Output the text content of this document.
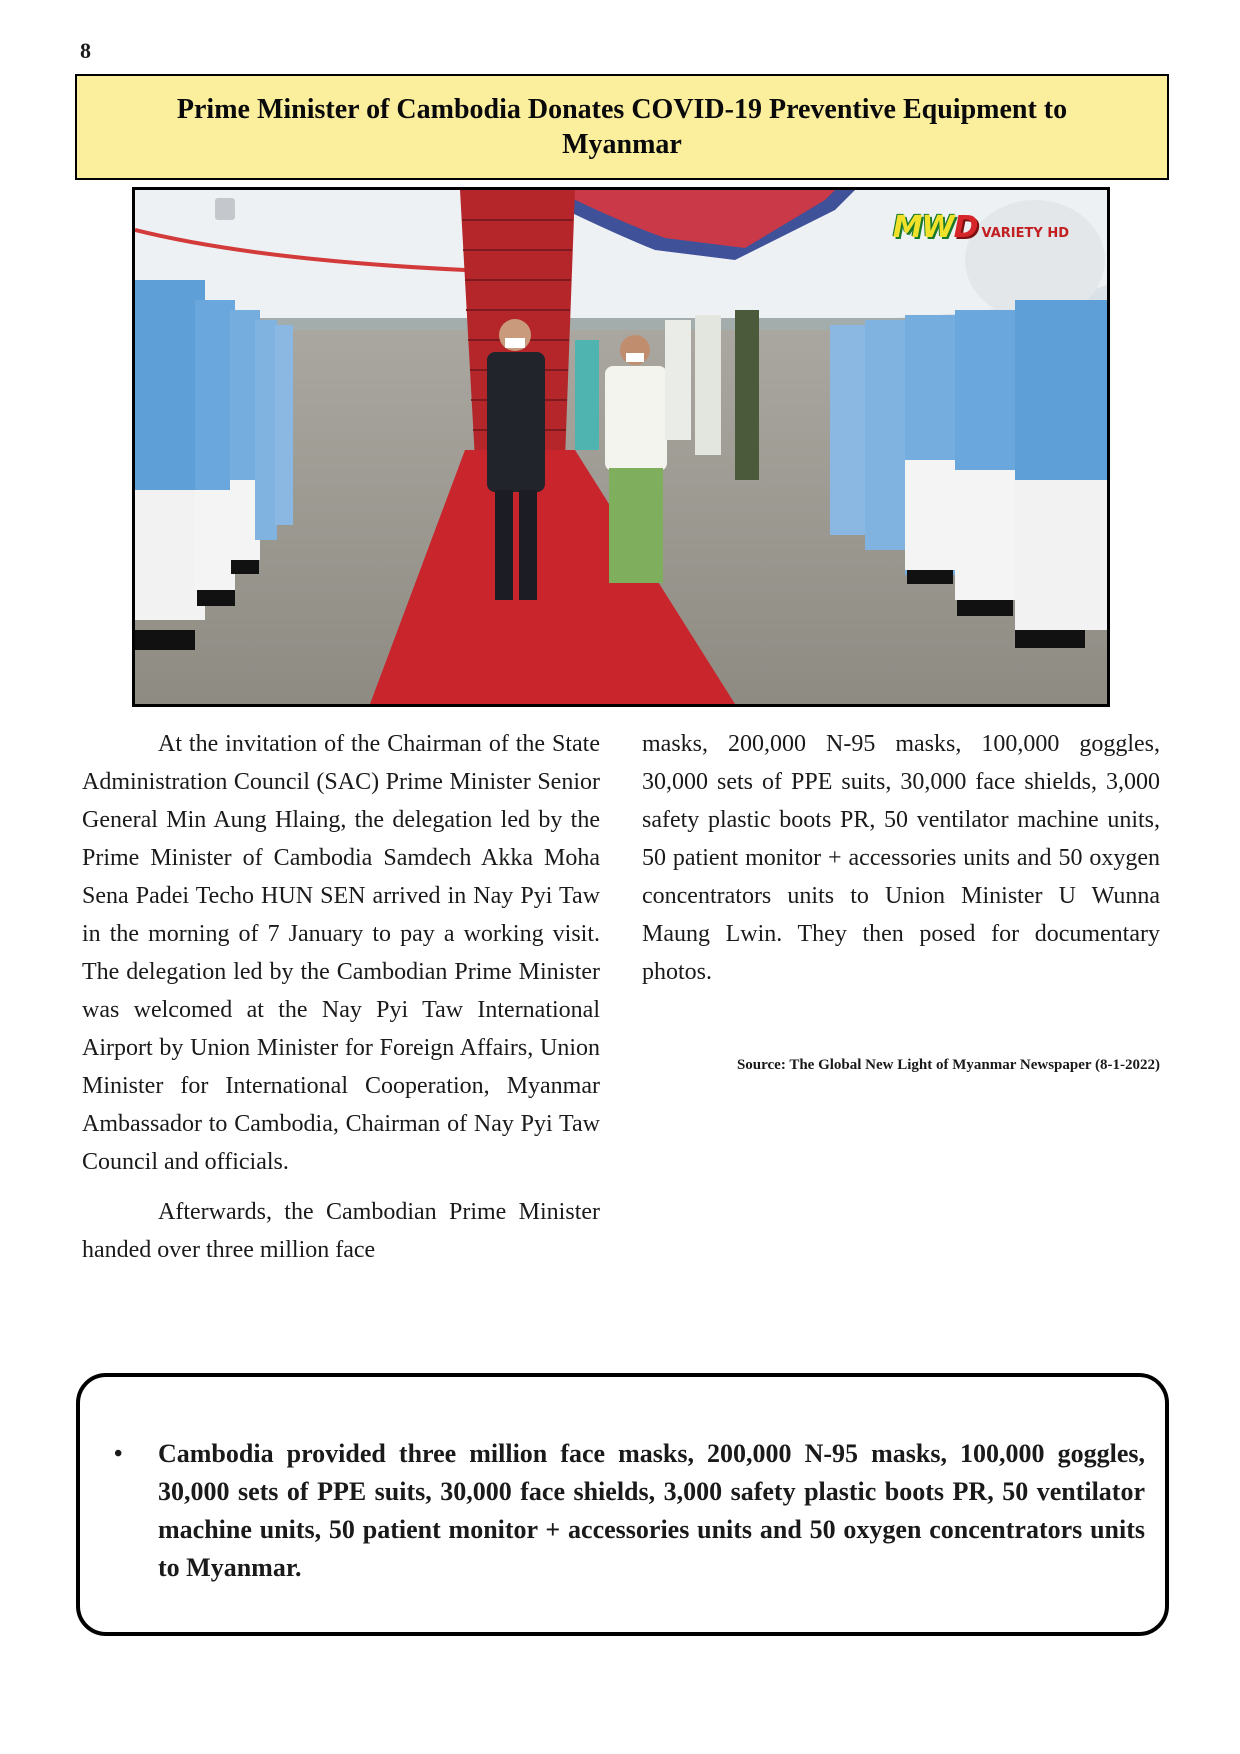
8
Prime Minister of Cambodia Donates COVID-19 Preventive Equipment to Myanmar
MWD VARIETY HD

At the invitation of the Chairman of the State Administration Council (SAC) Prime Minister Senior General Min Aung Hlaing, the delegation led by the Prime Minister of Cambodia Samdech Akka Moha Sena Padei Techo HUN SEN arrived in Nay Pyi Taw in the morning of 7 January to pay a working visit. The delegation led by the Cambodian Prime Minister was welcomed at the Nay Pyi Taw International Airport by Union Minister for Foreign Affairs, Union Minister for International Cooperation, Myanmar Ambassador to Cambodia, Chairman of Nay Pyi Taw Council and officials.

Afterwards, the Cambodian Prime Minister handed over three million face

masks, 200,000 N-95 masks, 100,000 goggles, 30,000 sets of PPE suits, 30,000 face shields, 3,000 safety plastic boots PR, 50 ventilator machine units, 50 patient monitor + accessories units and 50 oxygen concentrators units to Union Minister U Wunna Maung Lwin. They then posed for documentary photos.

Source: The Global New Light of Myanmar Newspaper (8-1-2022)
• Cambodia provided three million face masks, 200,000 N-95 masks, 100,000 goggles, 30,000 sets of PPE suits, 30,000 face shields, 3,000 safety plastic boots PR, 50 ventilator machine units, 50 patient monitor + accessories units and 50 oxygen concentrators units to Myanmar.
